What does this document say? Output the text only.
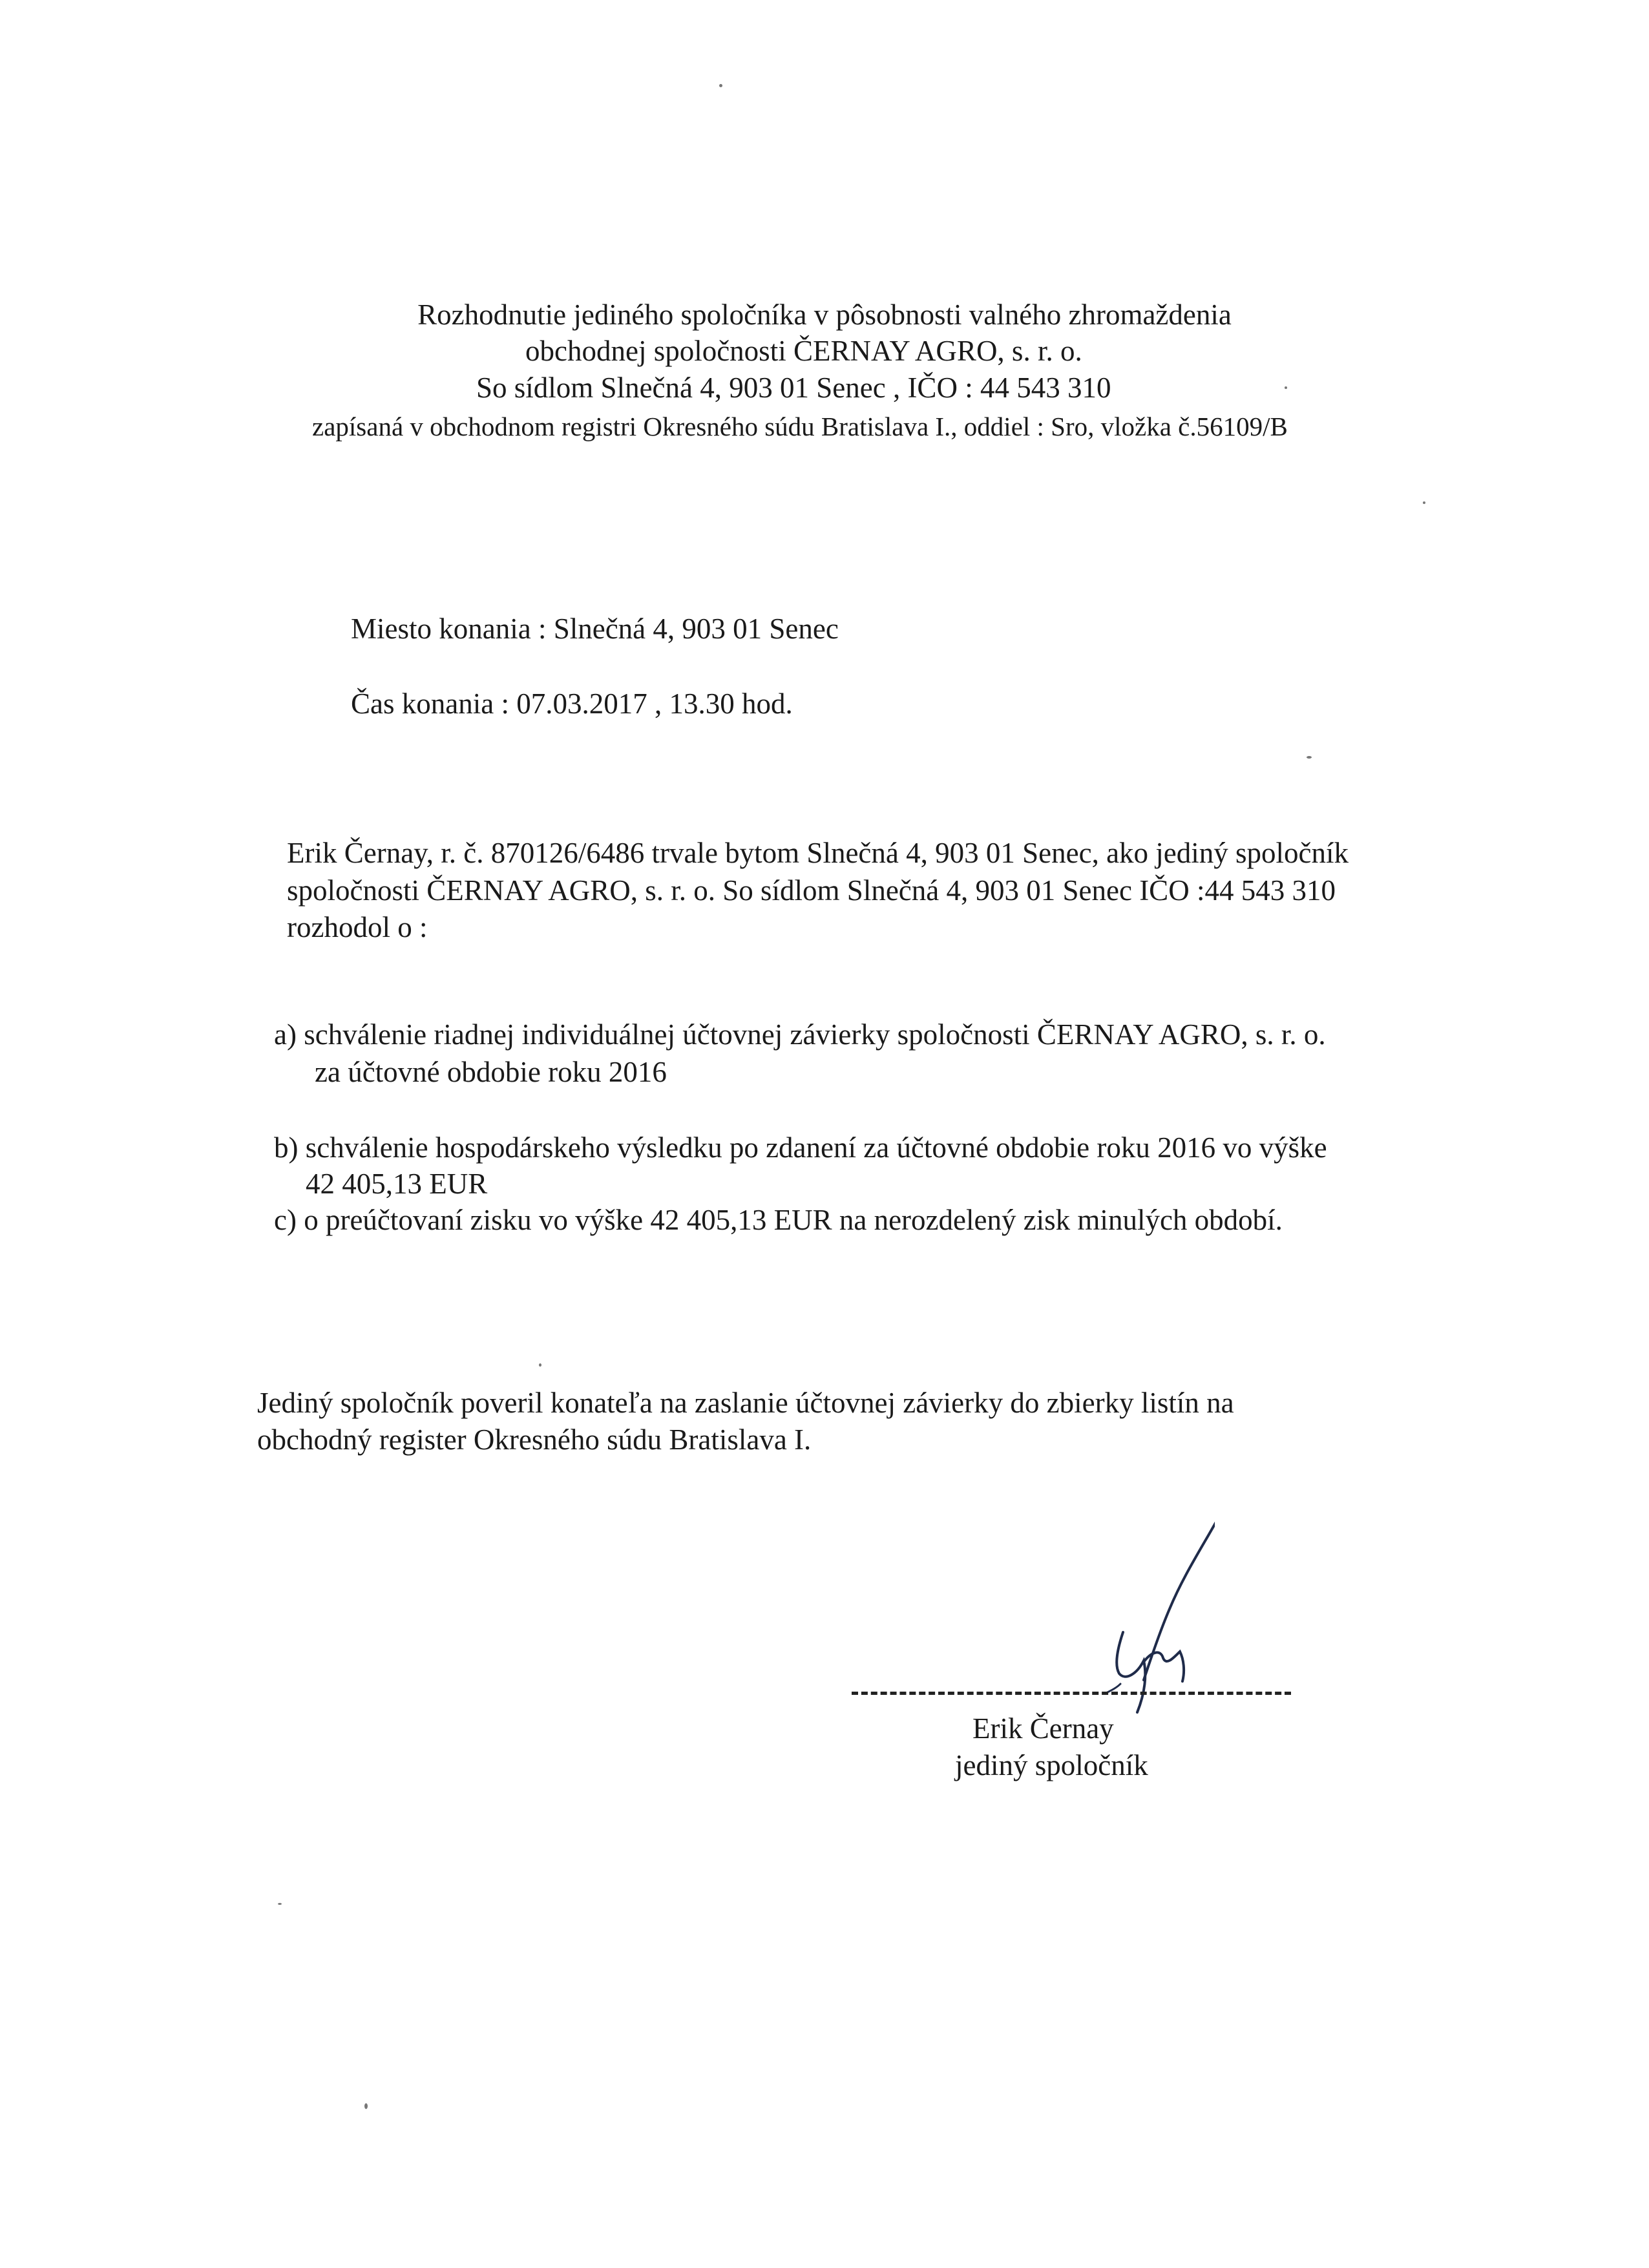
Rozhodnutie jediného spoločníka v pôsobnosti valného zhromaždenia
obchodnej spoločnosti ČERNAY AGRO, s. r. o.
So sídlom Slnečná 4, 903 01 Senec , IČO : 44 543 310
zapísaná v obchodnom registri Okresného súdu Bratislava I., oddiel : Sro, vložka č.56109/B
Miesto konania : Slnečná 4, 903 01 Senec
Čas konania : 07.03.2017 , 13.30 hod.
Erik Černay, r. č. 870126/6486 trvale bytom Slnečná 4, 903 01 Senec, ako jediný spoločník
spoločnosti ČERNAY AGRO, s. r. o. So sídlom Slnečná 4, 903 01 Senec IČO :44 543 310
rozhodol o :
a) schválenie riadnej individuálnej účtovnej závierky spoločnosti ČERNAY AGRO, s. r. o.
za účtovné obdobie roku 2016
b) schválenie hospodárskeho výsledku po zdanení za účtovné obdobie roku 2016 vo výške
42 405,13 EUR
c) o preúčtovaní zisku vo výške 42 405,13 EUR na nerozdelený zisk minulých období.
Jediný spoločník poveril konateľa na zaslanie účtovnej závierky do zbierky listín na
obchodný register Okresného súdu Bratislava I.
Erik Černay
jediný spoločník
